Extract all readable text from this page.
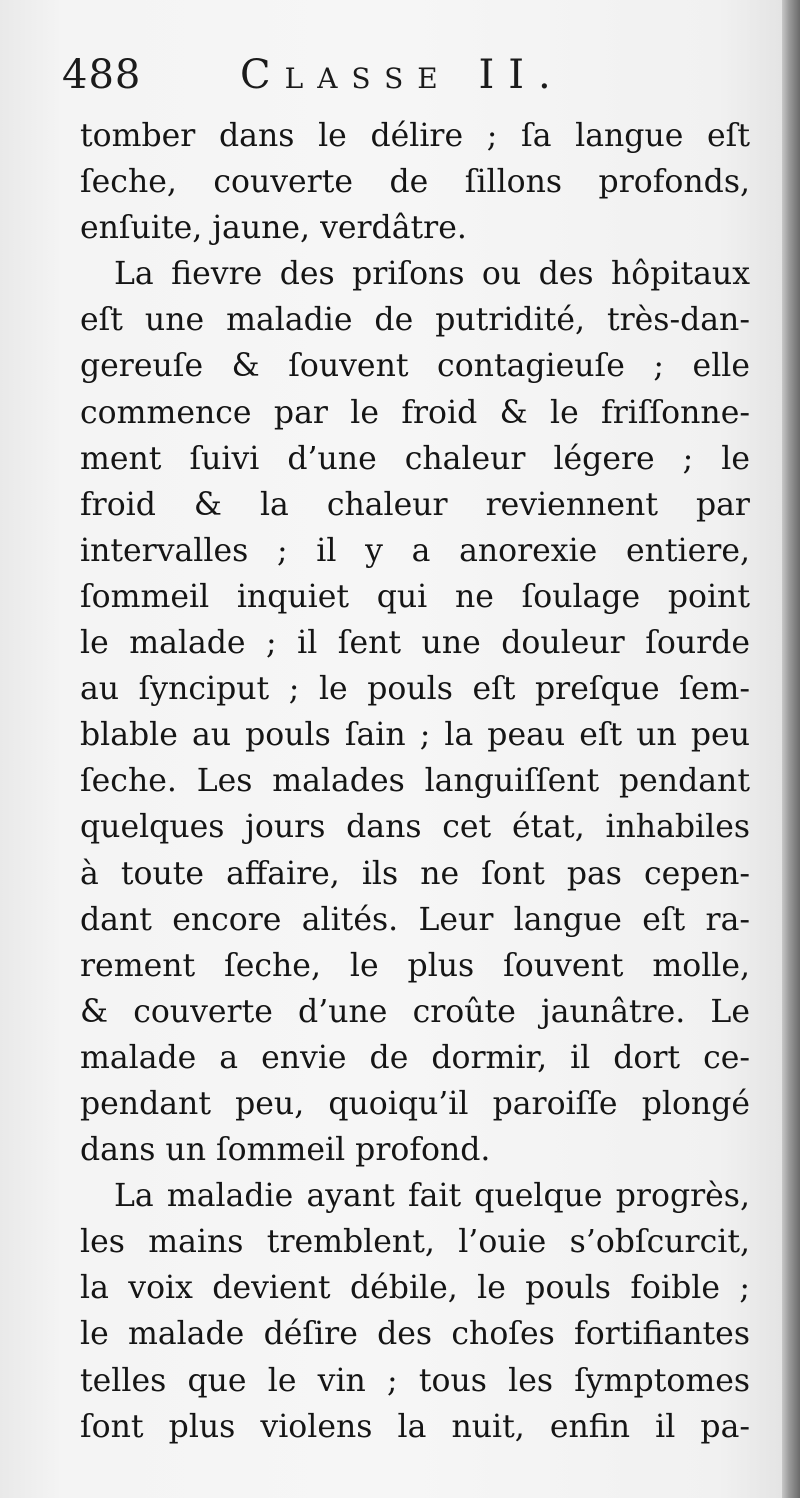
488 Classe II.
tomber dans le délire ; ſa langue eſt
ſeche, couverte de ſillons profonds,
enſuite, jaune, verdâtre.
La fievre des priſons ou des hôpitaux
eſt une maladie de putridité, très-dan-
gereuſe & ſouvent contagieuſe ; elle
commence par le froid & le friſſonne-
ment ſuivi d’une chaleur légere ; le
froid & la chaleur reviennent par
intervalles ; il y a anorexie entiere,
ſommeil inquiet qui ne ſoulage point
le malade ; il ſent une douleur ſourde
au ſynciput ; le pouls eſt preſque ſem-
blable au pouls ſain ; la peau eſt un peu
ſeche. Les malades languiſſent pendant
quelques jours dans cet état, inhabiles
à toute affaire, ils ne ſont pas cepen-
dant encore alités. Leur langue eſt ra-
rement ſeche, le plus ſouvent molle,
& couverte d’une croûte jaunâtre. Le
malade a envie de dormir, il dort ce-
pendant peu, quoiqu’il paroiſſe plongé
dans un ſommeil profond.
La maladie ayant fait quelque progrès,
les mains tremblent, l’ouie s’obſcurcit,
la voix devient débile, le pouls foible ;
le malade déſire des choſes fortifiantes
telles que le vin ; tous les ſymptomes
ſont plus violens la nuit, enfin il pa-
